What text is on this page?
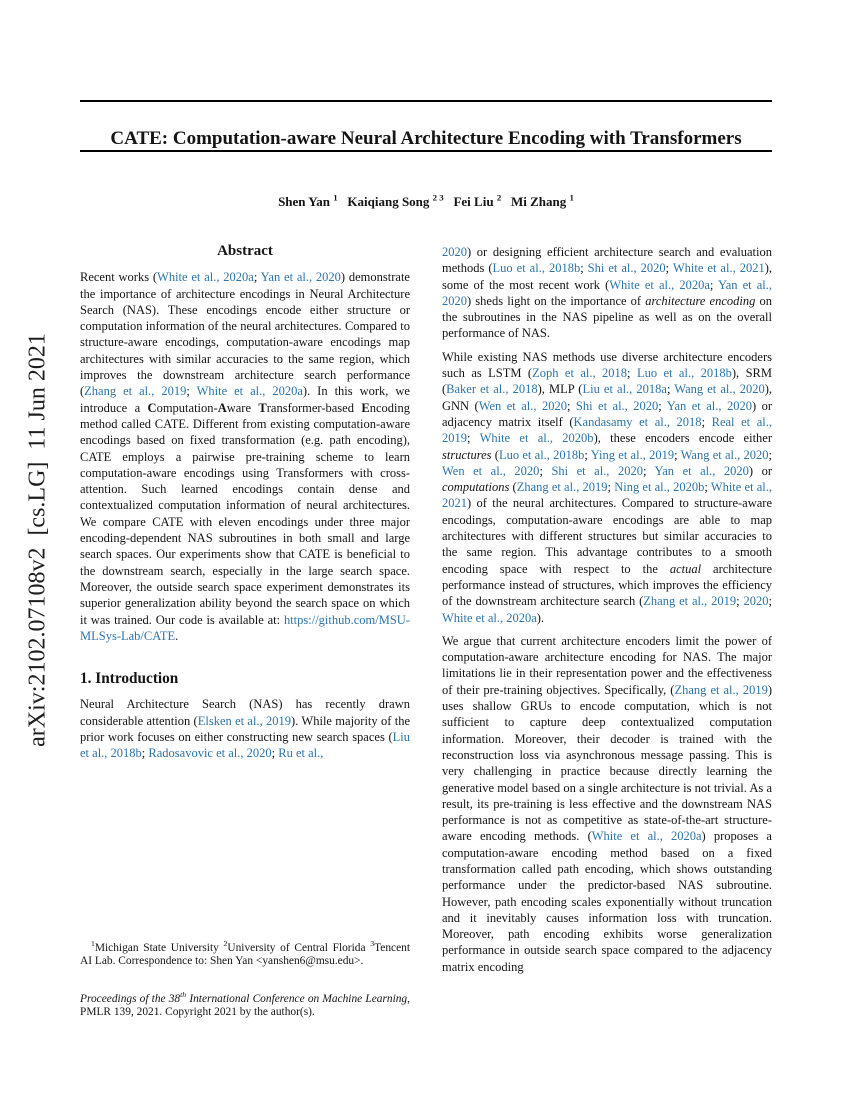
arXiv:2102.07108v2  [cs.LG]  11 Jun 2021
CATE: Computation-aware Neural Architecture Encoding with Transformers
Shen Yan $^1$   Kaiqiang Song $^{2 3}$   Fei Liu $^2$   Mi Zhang $^1$
Abstract

Recent works (White et al., 2020a; Yan et al., 2020) demonstrate the importance of architecture encodings in Neural Architecture Search (NAS). These encodings encode either structure or computation information of the neural architectures. Compared to structure-aware encodings, computation-aware encodings map architectures with similar accuracies to the same region, which improves the downstream architecture search performance (Zhang et al., 2019; White et al., 2020a). In this work, we introduce a Computation-Aware Transformer-based Encoding method called CATE. Different from existing computation-aware encodings based on fixed transformation (e.g. path encoding), CATE employs a pairwise pre-training scheme to learn computation-aware encodings using Transformers with cross-attention. Such learned encodings contain dense and contextualized computation information of neural architectures. We compare CATE with eleven encodings under three major encoding-dependent NAS subroutines in both small and large search spaces. Our experiments show that CATE is beneficial to the downstream search, especially in the large search space. Moreover, the outside search space experiment demonstrates its superior generalization ability beyond the search space on which it was trained. Our code is available at: https://github.com/MSU-MLSys-Lab/CATE.

1. Introduction

Neural Architecture Search (NAS) has recently drawn considerable attention (Elsken et al., 2019). While majority of the prior work focuses on either constructing new search spaces (Liu et al., 2018b; Radosavovic et al., 2020; Ru et al.,

2020) or designing efficient architecture search and evaluation methods (Luo et al., 2018b; Shi et al., 2020; White et al., 2021), some of the most recent work (White et al., 2020a; Yan et al., 2020) sheds light on the importance of architecture encoding on the subroutines in the NAS pipeline as well as on the overall performance of NAS.

While existing NAS methods use diverse architecture encoders such as LSTM (Zoph et al., 2018; Luo et al., 2018b), SRM (Baker et al., 2018), MLP (Liu et al., 2018a; Wang et al., 2020), GNN (Wen et al., 2020; Shi et al., 2020; Yan et al., 2020) or adjacency matrix itself (Kandasamy et al., 2018; Real et al., 2019; White et al., 2020b), these encoders encode either structures (Luo et al., 2018b; Ying et al., 2019; Wang et al., 2020; Wen et al., 2020; Shi et al., 2020; Yan et al., 2020) or computations (Zhang et al., 2019; Ning et al., 2020b; White et al., 2021) of the neural architectures. Compared to structure-aware encodings, computation-aware encodings are able to map architectures with different structures but similar accuracies to the same region. This advantage contributes to a smooth encoding space with respect to the actual architecture performance instead of structures, which improves the efficiency of the downstream architecture search (Zhang et al., 2019; 2020; White et al., 2020a).

We argue that current architecture encoders limit the power of computation-aware architecture encoding for NAS. The major limitations lie in their representation power and the effectiveness of their pre-training objectives. Specifically, (Zhang et al., 2019) uses shallow GRUs to encode computation, which is not sufficient to capture deep contextualized computation information. Moreover, their decoder is trained with the reconstruction loss via asynchronous message passing. This is very challenging in practice because directly learning the generative model based on a single architecture is not trivial. As a result, its pre-training is less effective and the downstream NAS performance is not as competitive as state-of-the-art structure-aware encoding methods. (White et al., 2020a) proposes a computation-aware encoding method based on a fixed transformation called path encoding, which shows outstanding performance under the predictor-based NAS subroutine. However, path encoding scales exponentially without truncation and it inevitably causes information loss with truncation. Moreover, path encoding exhibits worse generalization performance in outside search space compared to the adjacency matrix encoding

$^1$Michigan State University $^2$University of Central Florida $^3$Tencent AI Lab. Correspondence to: Shen Yan <yanshen6@msu.edu>.

Proceedings of the 38th International Conference on Machine Learning, PMLR 139, 2021. Copyright 2021 by the author(s).
